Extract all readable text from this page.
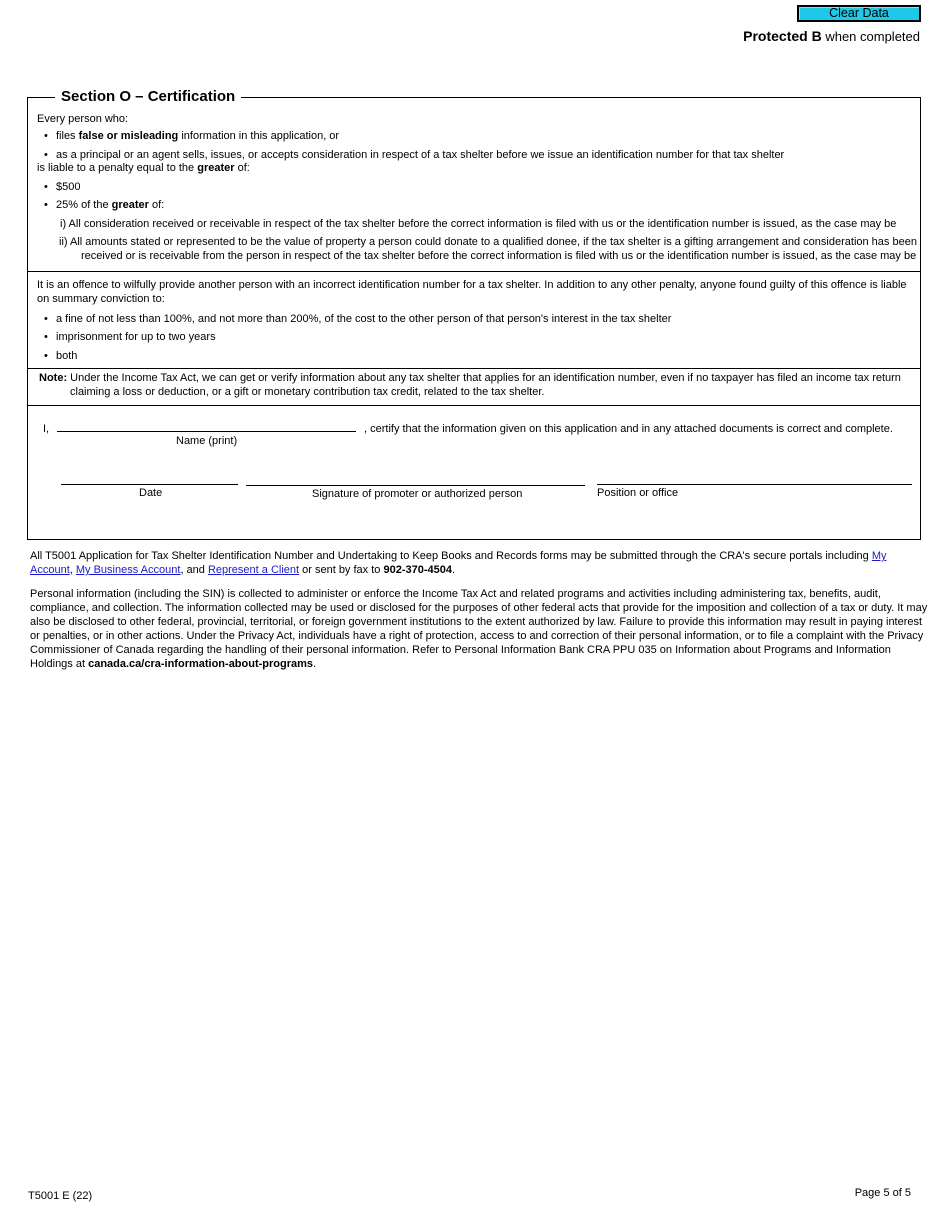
Clear Data
Protected B when completed
Section O – Certification
Every person who:
• files false or misleading information in this application, or
• as a principal or an agent sells, issues, or accepts consideration in respect of a tax shelter before we issue an identification number for that tax shelter
is liable to a penalty equal to the greater of:
• $500
• 25% of the greater of:
i) All consideration received or receivable in respect of the tax shelter before the correct information is filed with us or the identification number is issued, as the case may be
ii) All amounts stated or represented to be the value of property a person could donate to a qualified donee, if the tax shelter is a gifting arrangement and consideration has been
received or is receivable from the person in respect of the tax shelter before the correct information is filed with us or the identification number is issued, as the case may be
It is an offence to wilfully provide another person with an incorrect identification number for a tax shelter. In addition to any other penalty, anyone found guilty of this offence is liable
on summary conviction to:
• a fine of not less than 100%, and not more than 200%, of the cost to the other person of that person's interest in the tax shelter
• imprisonment for up to two years
• both
Note: Under the Income Tax Act, we can get or verify information about any tax shelter that applies for an identification number, even if no taxpayer has filed an income tax return
claiming a loss or deduction, or a gift or monetary contribution tax credit, related to the tax shelter.
I,	, certify that the information given on this application and in any attached documents is correct and complete.
Name (print)
Date	Signature of promoter or authorized person	Position or office
All T5001 Application for Tax Shelter Identification Number and Undertaking to Keep Books and Records forms may be submitted through the CRA's secure portals including My
Account, My Business Account, and Represent a Client or sent by fax to 902-370-4504.
Personal information (including the SIN) is collected to administer or enforce the Income Tax Act and related programs and activities including administering tax, benefits, audit,
compliance, and collection. The information collected may be used or disclosed for the purposes of other federal acts that provide for the imposition and collection of a tax or duty. It may
also be disclosed to other federal, provincial, territorial, or foreign government institutions to the extent authorized by law. Failure to provide this information may result in paying interest
or penalties, or in other actions. Under the Privacy Act, individuals have a right of protection, access to and correction of their personal information, or to file a complaint with the Privacy
Commissioner of Canada regarding the handling of their personal information. Refer to Personal Information Bank CRA PPU 035 on Information about Programs and Information
Holdings at canada.ca/cra-information-about-programs.
T5001 E (22)	Page 5 of 5
